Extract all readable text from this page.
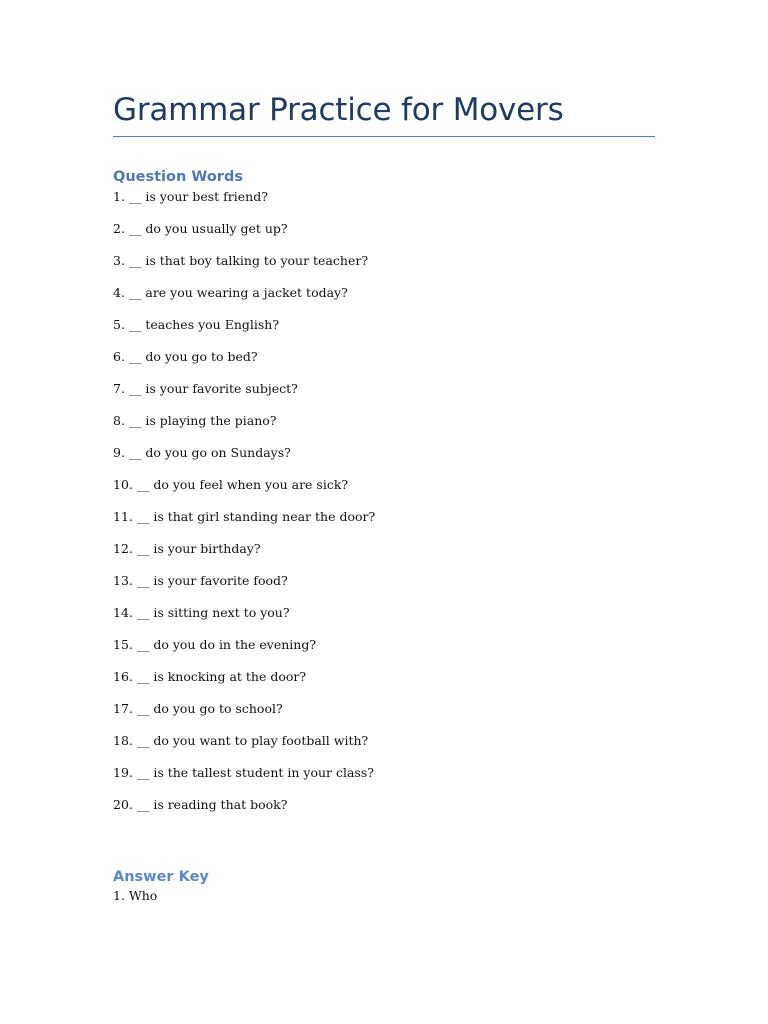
Grammar Practice for Movers
Question Words
1. __ is your best friend?
2. __ do you usually get up?
3. __ is that boy talking to your teacher?
4. __ are you wearing a jacket today?
5. __ teaches you English?
6. __ do you go to bed?
7. __ is your favorite subject?
8. __ is playing the piano?
9. __ do you go on Sundays?
10. __ do you feel when you are sick?
11. __ is that girl standing near the door?
12. __ is your birthday?
13. __ is your favorite food?
14. __ is sitting next to you?
15. __ do you do in the evening?
16. __ is knocking at the door?
17. __ do you go to school?
18. __ do you want to play football with?
19. __ is the tallest student in your class?
20. __ is reading that book?
Answer Key
1. Who
